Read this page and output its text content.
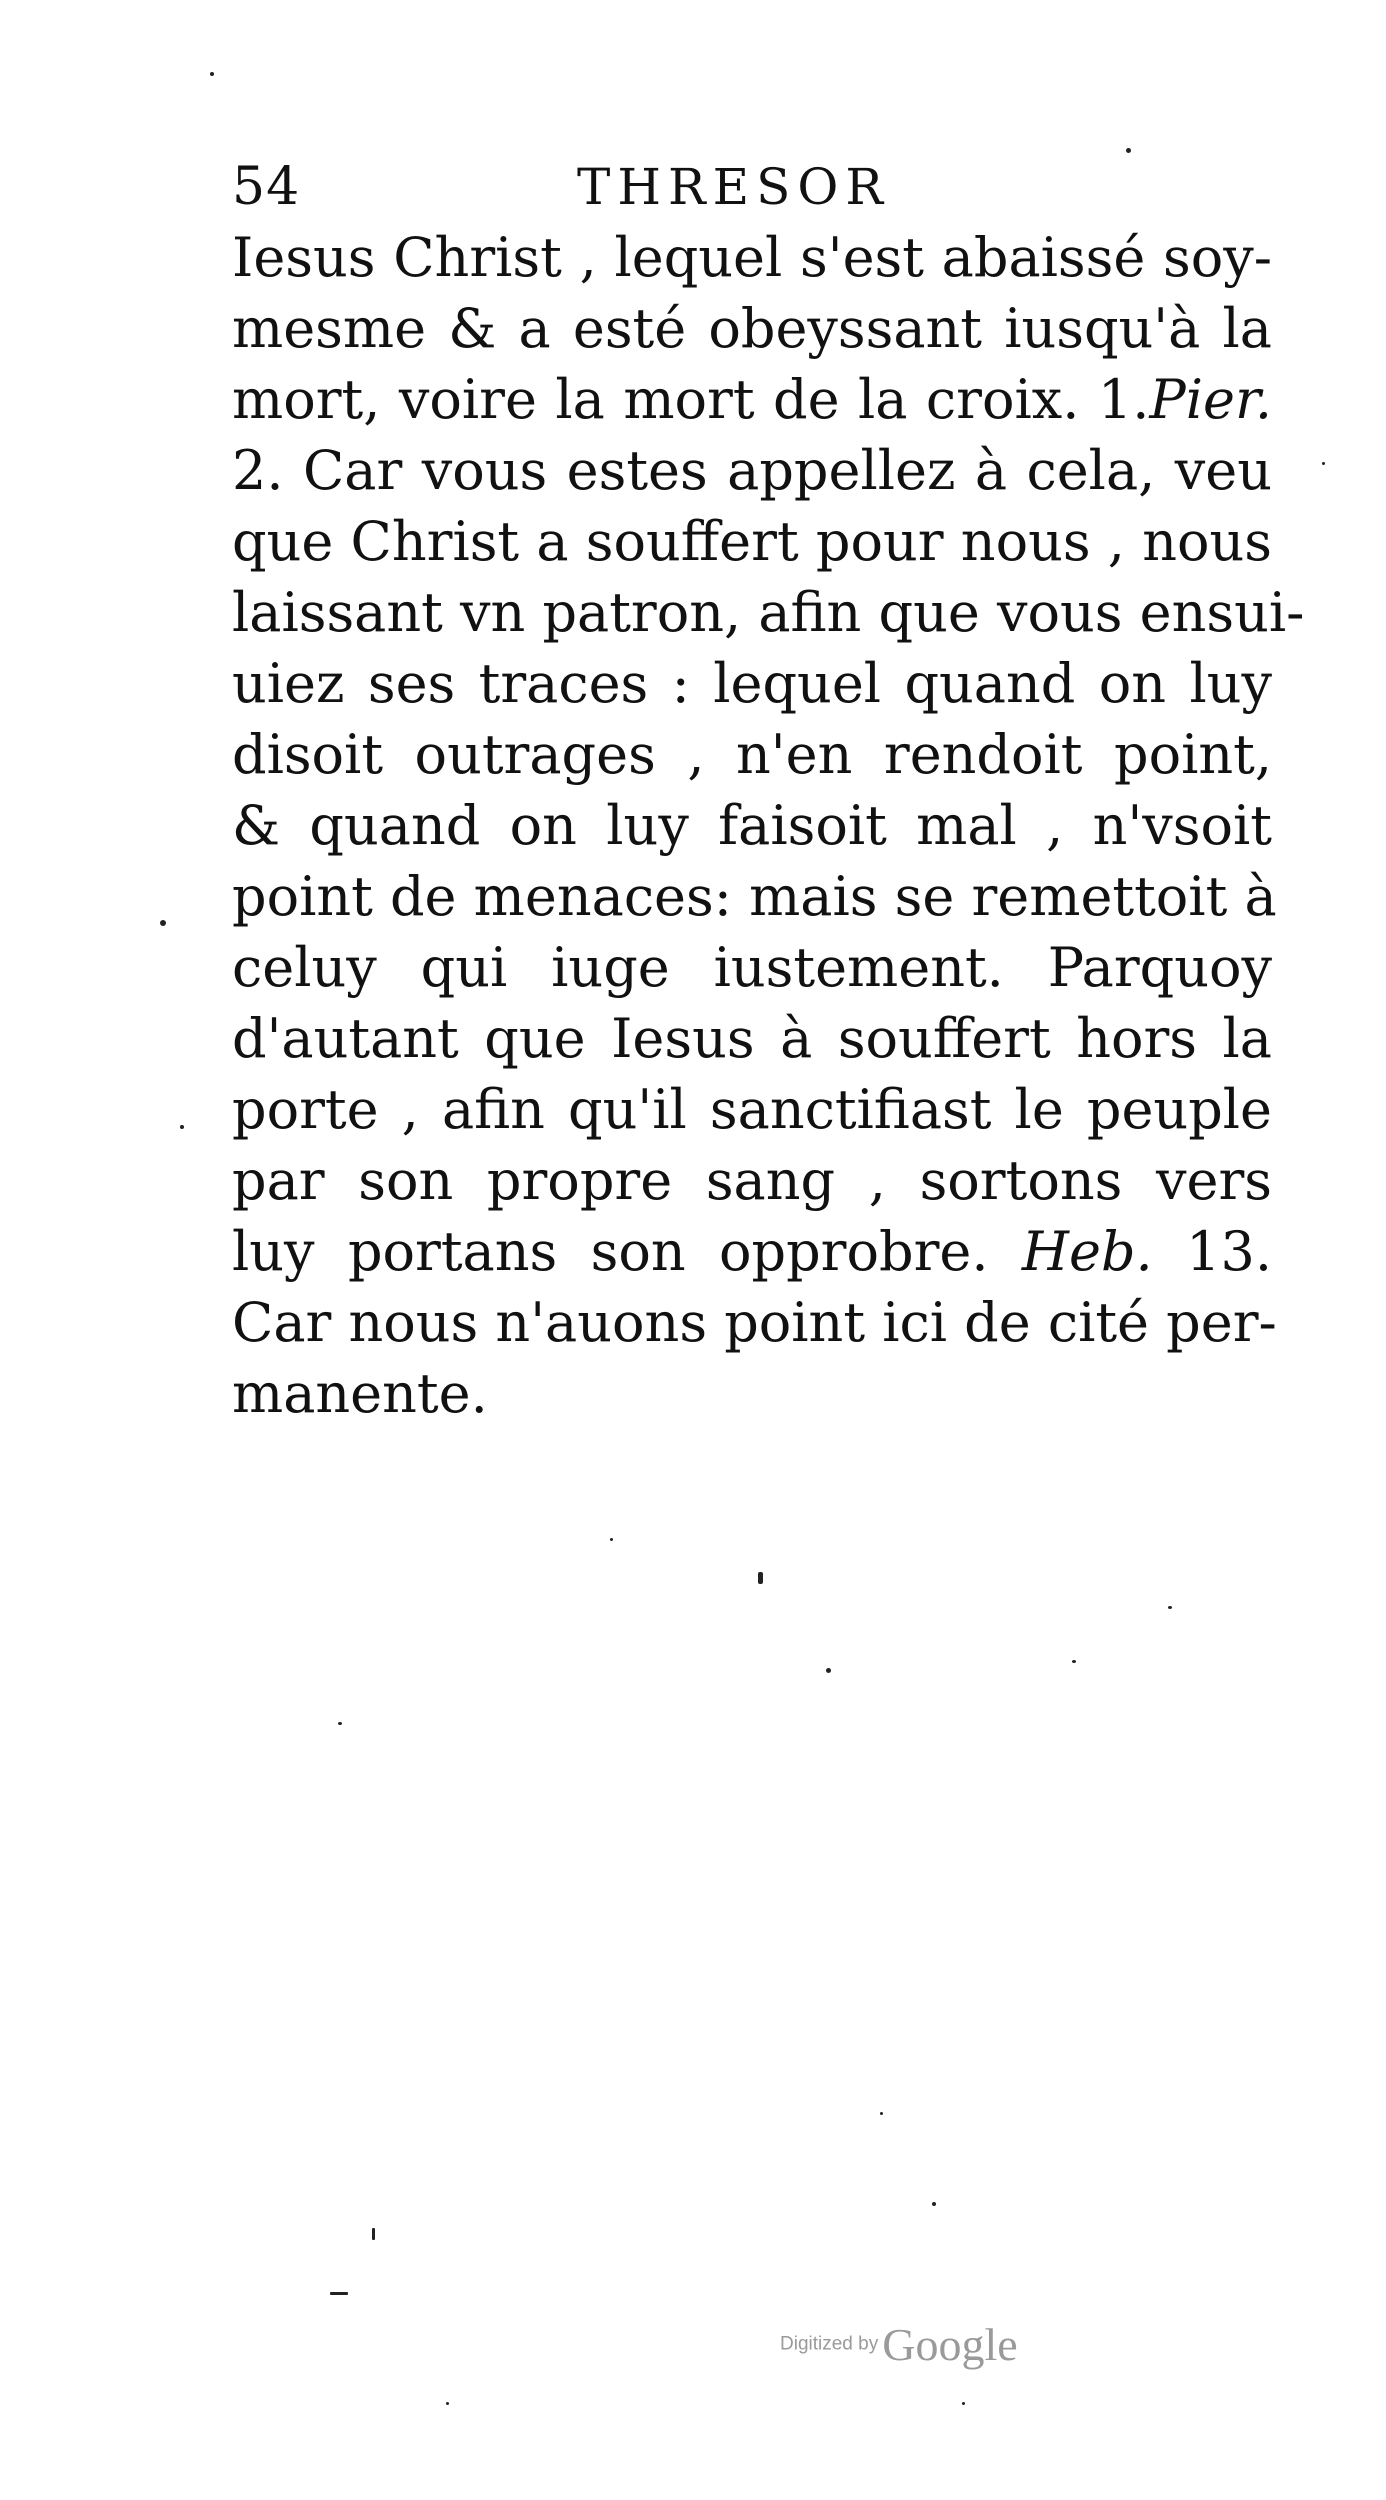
54	THRESOR
Iesus Christ , lequel s'est abaissé soy-
mesme & a esté obeyssant iusqu'à la
mort, voire la mort de la croix. 1.Pier.
2. Car vous estes appellez à cela, veu
que Christ a souffert pour nous , nous
laissant vn patron, afin que vous ensui-
uiez ses traces : lequel quand on luy
disoit outrages , n'en rendoit point,
& quand on luy faisoit mal , n'vsoit
point de menaces: mais se remettoit à
celuy qui iuge iustement. Parquoy
d'autant que Iesus à souffert hors la
porte , afin qu'il sanctifiast le peuple
par son propre sang , sortons vers
luy portans son opprobre. Heb. 13.
Car nous n'auons point ici de cité per-
manente.
Digitized byGoogle
